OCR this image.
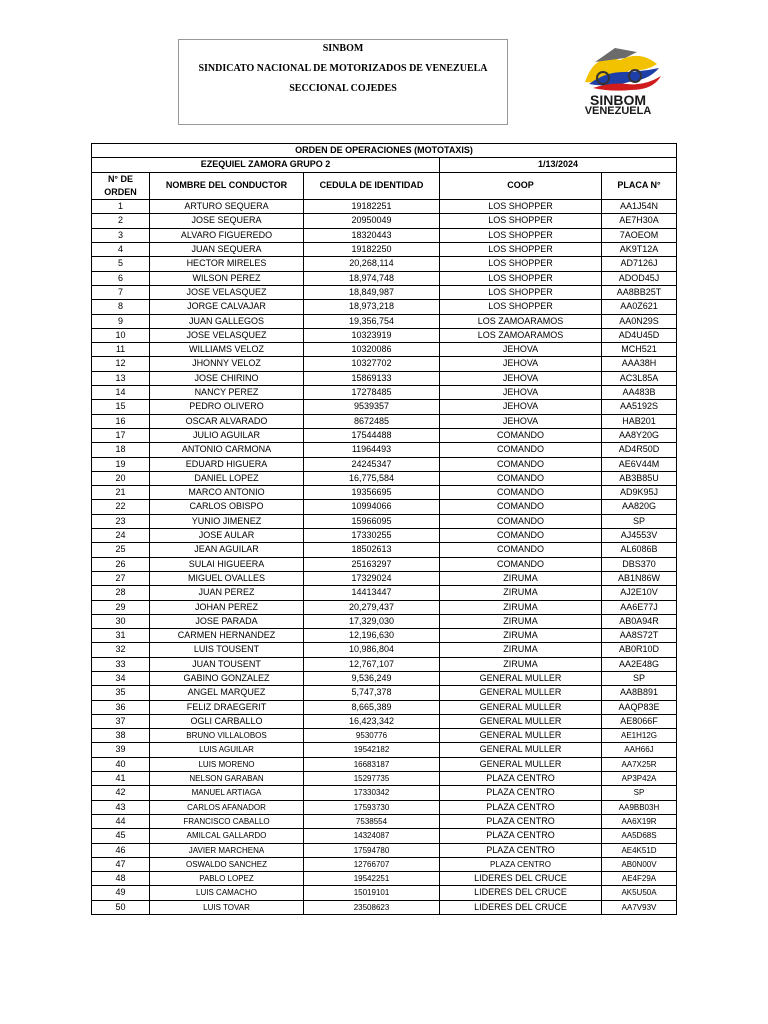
SINBOM
SINDICATO NACIONAL DE MOTORIZADOS DE VENEZUELA
SECCIONAL COJEDES
SINBOM
VENEZUELA
ORDEN DE OPERACIONES (MOTOTAXIS)				
EZEQUIEL ZAMORA GRUPO 2			1/13/2024	
N° DE ORDEN	NOMBRE DEL CONDUCTOR	CEDULA DE IDENTIDAD	COOP	PLACA N°
1	ARTURO SEQUERA	19182251	LOS SHOPPER	AA1J54N
2	JOSE SEQUERA	20950049	LOS SHOPPER	AE7H30A
3	ALVARO FIGUEREDO	18320443	LOS SHOPPER	7AOEOM
4	JUAN SEQUERA	19182250	LOS SHOPPER	AK9T12A
5	HECTOR MIRELES	20,268,114	LOS SHOPPER	AD7126J
6	WILSON PEREZ	18,974,748	LOS SHOPPER	ADOD45J
7	JOSE VELASQUEZ	18,849,987	LOS SHOPPER	AA8BB25T
8	JORGE CALVAJAR	18,973,218	LOS SHOPPER	AA0Z621
9	JUAN GALLEGOS	19,356,754	LOS ZAMOARAMOS	AA0N29S
10	JOSE VELASQUEZ	10323919	LOS ZAMOARAMOS	AD4U45D
11	WILLIAMS VELOZ	10320086	JEHOVA	MCH521
12	JHONNY VELOZ	10327702	JEHOVA	AAA38H
13	JOSE CHIRINO	15869133	JEHOVA	AC3L85A
14	NANCY PEREZ	17278485	JEHOVA	AA483B
15	PEDRO OLIVERO	9539357	JEHOVA	AA5192S
16	OSCAR ALVARADO	8672485	JEHOVA	HAB201
17	JULIO AGUILAR	17544488	COMANDO	AA8Y20G
18	ANTONIO CARMONA	11964493	COMANDO	AD4R50D
19	EDUARD HIGUERA	24245347	COMANDO	AE6V44M
20	DANIEL LOPEZ	16,775,584	COMANDO	AB3B85U
21	MARCO ANTONIO	19356695	COMANDO	AD9K95J
22	CARLOS OBISPO	10994066	COMANDO	AA820G
23	YUNIO JIMENEZ	15966095	COMANDO	SP
24	JOSE AULAR	17330255	COMANDO	AJ4553V
25	JEAN AGUILAR	18502613	COMANDO	AL6086B
26	SULAI HIGUEERA	25163297	COMANDO	DBS370
27	MIGUEL OVALLES	17329024	ZIRUMA	AB1N86W
28	JUAN PEREZ	14413447	ZIRUMA	AJ2E10V
29	JOHAN PEREZ	20,279,437	ZIRUMA	AA6E77J
30	JOSE PARADA	17,329,030	ZIRUMA	AB0A94R
31	CARMEN HERNANDEZ	12,196,630	ZIRUMA	AA8S72T
32	LUIS TOUSENT	10,986,804	ZIRUMA	AB0R10D
33	JUAN TOUSENT	12,767,107	ZIRUMA	AA2E48G
34	GABINO GONZALEZ	9,536,249	GENERAL MULLER	SP
35	ANGEL MARQUEZ	5,747,378	GENERAL MULLER	AA8B891
36	FELIZ DRAEGERIT	8,665,389	GENERAL MULLER	AAQP83E
37	OGLI CARBALLO	16,423,342	GENERAL MULLER	AE8066F
38	BRUNO VILLALOBOS	9530776	GENERAL MULLER	AE1H12G
39	LUIS AGUILAR	19542182	GENERAL MULLER	AAH66J
40	LUIS MORENO	16683187	GENERAL MULLER	AA7X25R
41	NELSON GARABAN	15297735	PLAZA CENTRO	AP3P42A
42	MANUEL ARTIAGA	17330342	PLAZA CENTRO	SP
43	CARLOS AFANADOR	17593730	PLAZA CENTRO	AA9BB03H
44	FRANCISCO CABALLO	7538554	PLAZA CENTRO	AA6X19R
45	AMILCAL GALLARDO	14324087	PLAZA CENTRO	AA5D68S
46	JAVIER MARCHENA	17594780	PLAZA CENTRO	AE4K51D
47	OSWALDO SANCHEZ	12766707	PLAZA CENTRO	AB0N00V
48	PABLO LOPEZ	19542251	LIDERES DEL CRUCE	AE4F29A
49	LUIS CAMACHO	15019101	LIDERES DEL CRUCE	AK5U50A
50	LUIS TOVAR	23508623	LIDERES DEL CRUCE	AA7V93V
